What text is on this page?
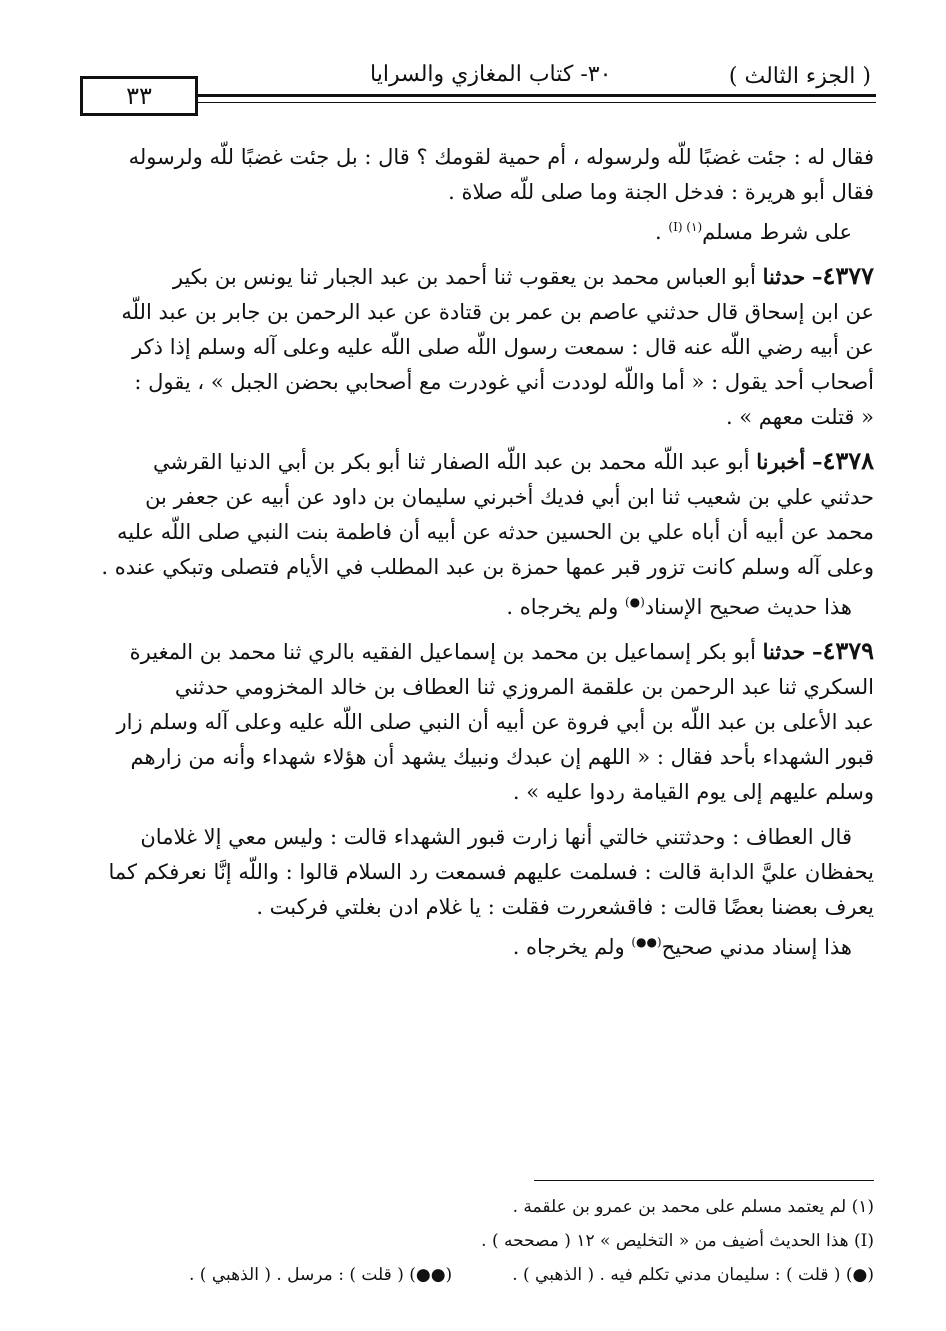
( الجزء الثالث )
٣٠- كتاب المغازي والسرايا
٣٣

فقال له : جئت غضبًا للّه ولرسوله ، أم حمية لقومك ؟ قال : بل جئت غضبًا للّه ولرسوله

فقال أبو هريرة : فدخل الجنة وما صلى للّه صلاة .

على شرط مسلم$^{(١) (I)}$ .

٤٣٧٧– حدثنا أبو العباس محمد بن يعقوب ثنا أحمد بن عبد الجبار ثنا يونس بن بكير

عن ابن إسحاق قال حدثني عاصم بن عمر بن قتادة عن عبد الرحمن بن جابر بن عبد اللّه

عن أبيه رضي اللّه عنه قال : سمعت رسول اللّه صلى اللّه عليه وعلى آله وسلم إذا ذكر

أصحاب أحد يقول : « أما واللّه لوددت أني غودرت مع أصحابي بحضن الجبل » ، يقول :

« قتلت معهم » .

٤٣٧٨– أخبرنا أبو عبد اللّه محمد بن عبد اللّه الصفار ثنا أبو بكر بن أبي الدنيا القرشي

حدثني علي بن شعيب ثنا ابن أبي فديك أخبرني سليمان بن داود عن أبيه عن جعفر بن

محمد عن أبيه أن أباه علي بن الحسين حدثه عن أبيه أن فاطمة بنت النبي صلى اللّه عليه

وعلى آله وسلم كانت تزور قبر عمها حمزة بن عبد المطلب في الأيام فتصلى وتبكي عنده .

هذا حديث صحيح الإسناد(●) ولم يخرجاه .

٤٣٧٩– حدثنا أبو بكر إسماعيل بن محمد بن إسماعيل الفقيه بالري ثنا محمد بن المغيرة

السكري ثنا عبد الرحمن بن علقمة المروزي ثنا العطاف بن خالد المخزومي حدثني

عبد الأعلى بن عبد اللّه بن أبي فروة عن أبيه أن النبي صلى اللّه عليه وعلى آله وسلم زار

قبور الشهداء بأحد فقال : « اللهم إن عبدك ونبيك يشهد أن هؤلاء شهداء وأنه من زارهم

وسلم عليهم إلى يوم القيامة ردوا عليه » .

قال العطاف : وحدثتني خالتي أنها زارت قبور الشهداء قالت : وليس معي إلا غلامان

يحفظان عليَّ الدابة قالت : فسلمت عليهم فسمعت رد السلام قالوا : واللّه إنَّا نعرفكم كما

يعرف بعضنا بعضًا قالت : فاقشعررت فقلت : يا غلام ادن بغلتي فركبت .

هذا إسناد مدني صحيح(●●) ولم يخرجاه .

(١) لم يعتمد مسلم على محمد بن عمرو بن علقمة .

(I) هذا الحديث أضيف من « التخليص » ١٢ ( مصححه ) .

(●) ( قلت ) : سليمان مدني تكلم فيه . ( الذهبي ) .

(●●) ( قلت ) : مرسل . ( الذهبي ) .
